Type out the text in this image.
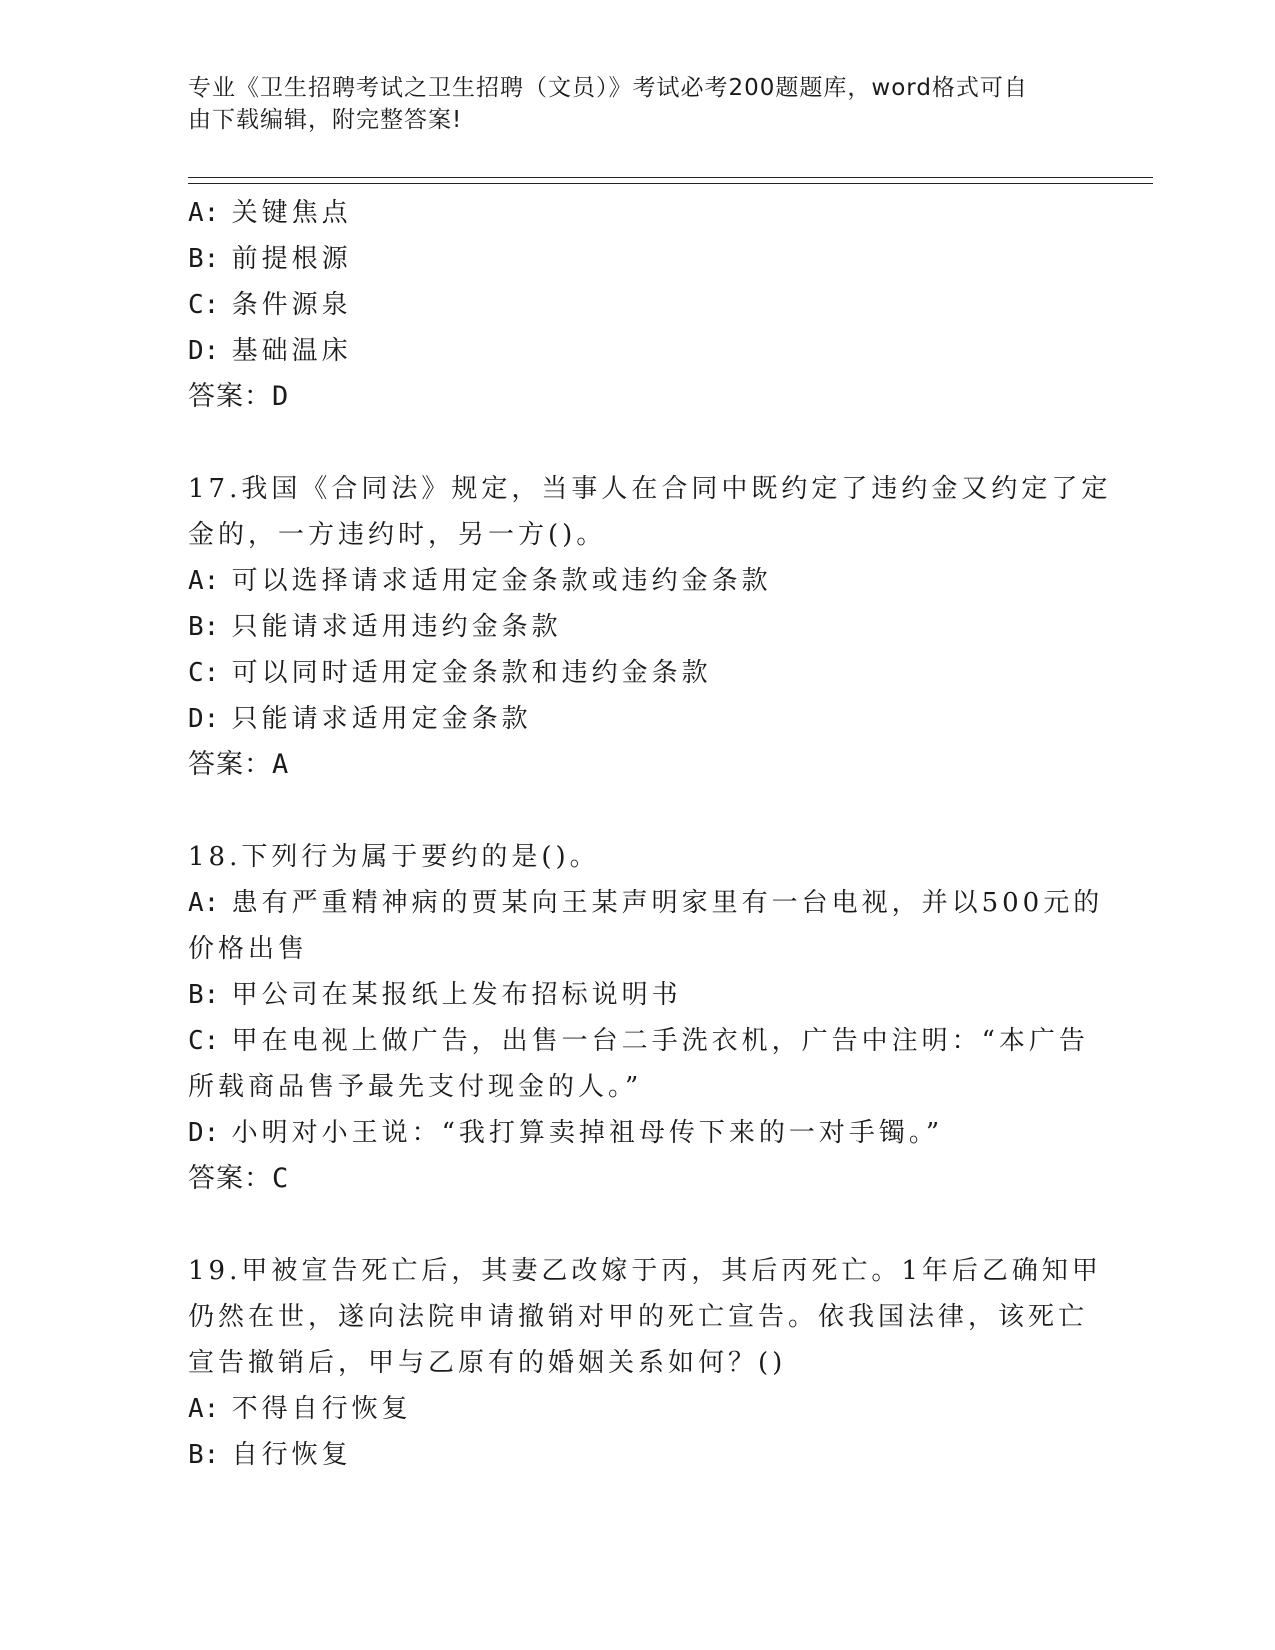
专业《卫生招聘考试之卫生招聘（文员）》考试必考200题题库，word格式可自
由下载编辑，附完整答案!
A: 关键焦点
B: 前提根源
C: 条件源泉
D: 基础温床
答案：D
17.我国《合同法》规定，当事人在合同中既约定了违约金又约定了定
金的，一方违约时，另一方()。
A: 可以选择请求适用定金条款或违约金条款
B: 只能请求适用违约金条款
C: 可以同时适用定金条款和违约金条款
D: 只能请求适用定金条款
答案：A
18.下列行为属于要约的是()。
A: 患有严重精神病的贾某向王某声明家里有一台电视，并以500元的
价格出售
B: 甲公司在某报纸上发布招标说明书
C: 甲在电视上做广告，出售一台二手洗衣机，广告中注明：“本广告
所载商品售予最先支付现金的人。”
D: 小明对小王说：“我打算卖掉祖母传下来的一对手镯。”
答案：C
19.甲被宣告死亡后，其妻乙改嫁于丙，其后丙死亡。1年后乙确知甲
仍然在世，遂向法院申请撤销对甲的死亡宣告。依我国法律，该死亡
宣告撤销后，甲与乙原有的婚姻关系如何？()
A: 不得自行恢复
B: 自行恢复
